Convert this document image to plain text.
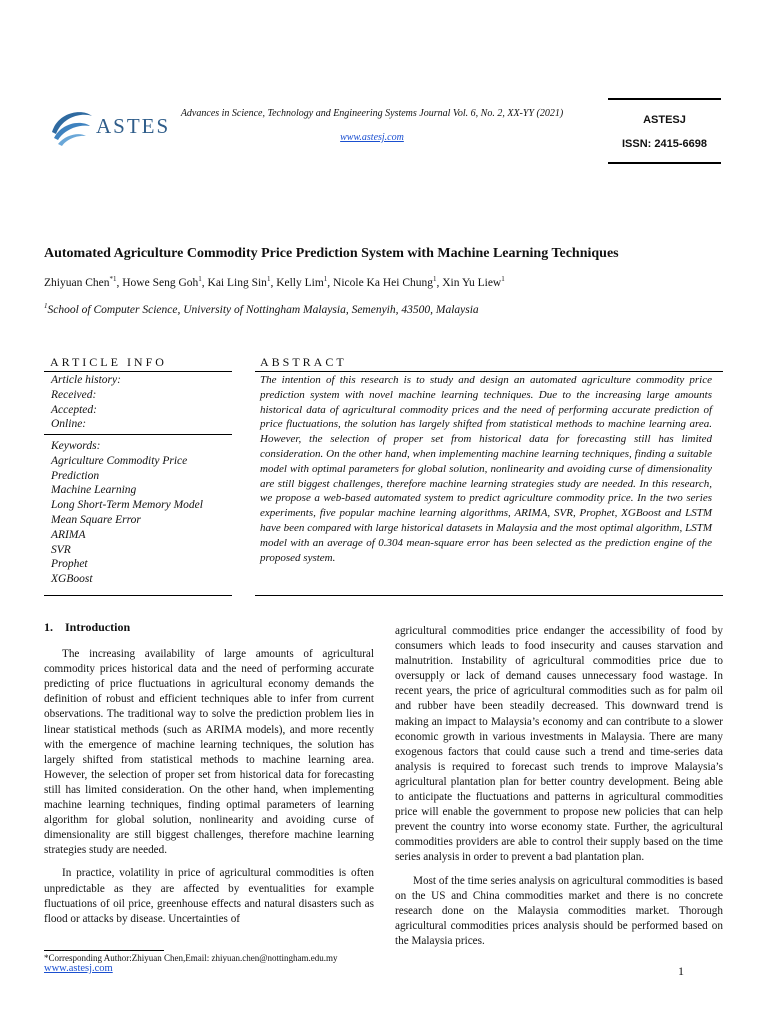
ASTES
Advances in Science, Technology and Engineering Systems Journal Vol. 6, No. 2, XX-YY (2021)
www.astesj.com
ASTESJ
ISSN: 2415-6698
Automated Agriculture Commodity Price Prediction System with Machine Learning Techniques
Zhiyuan Chen$^{*1}$, Howe Seng Goh$^1$, Kai Ling Sin$^1$, Kelly Lim$^1$, Nicole Ka Hei Chung$^1$, Xin Yu Liew$^1$
$^1$School of Computer Science, University of Nottingham Malaysia, Semenyih, 43500, Malaysia
ARTICLE INFO	ABSTRACT
Article history:
Received:
Accepted:
Online:
Keywords:
Agriculture Commodity Price
Prediction
Machine Learning
Long Short-Term Memory Model
Mean Square Error
ARIMA
SVR
Prophet
XGBoost
The intention of this research is to study and design an automated agriculture commodity price prediction system with novel machine learning techniques. Due to the increasing large amounts historical data of agricultural commodity prices and the need of performing accurate prediction of price fluctuations, the solution has largely shifted from statistical methods to machine learning area. However, the selection of proper set from historical data for forecasting still has limited consideration. On the other hand, when implementing machine learning techniques, finding a suitable model with optimal parameters for global solution, nonlinearity and avoiding curse of dimensionality are still biggest challenges, therefore machine learning strategies study are needed. In this research, we propose a web-based automated system to predict agriculture commodity price. In the two series experiments, five popular machine learning algorithms, ARIMA, SVR, Prophet, XGBoost and LSTM have been compared with large historical datasets in Malaysia and the most optimal algorithm, LSTM model with an average of 0.304 mean-square error has been selected as the prediction engine of the proposed system.

1.    Introduction

The increasing availability of large amounts of agricultural commodity prices historical data and the need of performing accurate predicting of price fluctuations in agricultural economy demands the definition of robust and efficient techniques able to infer from current observations. The traditional way to solve the prediction problem lies in linear statistical methods (such as ARIMA models), and more recently with the emergence of machine learning techniques, the solution has largely shifted from statistical methods to machine learning area. However, the selection of proper set from historical data for forecasting still has limited consideration. On the other hand, when implementing machine learning techniques, finding optimal parameters of learning algorithm for global solution, nonlinearity and avoiding curse of dimensionality are still biggest challenges, therefore machine learning strategies study are needed.

In practice, volatility in price of agricultural commodities is often unpredictable as they are affected by eventualities for example fluctuations of oil price, greenhouse effects and natural disasters such as flood or attacks by disease. Uncertainties of

agricultural commodities price endanger the accessibility of food by consumers which leads to food insecurity and causes starvation and malnutrition. Instability of agricultural commodities price due to oversupply or lack of demand causes unnecessary food wastage. In recent years, the price of agricultural commodities such as for palm oil and rubber have been steadily decreased. This downward trend is making an impact to Malaysia’s economy and can contribute to a slower economic growth in various investments in Malaysia. There are many exogenous factors that could cause such a trend and time-series data analysis is required to forecast such trends to improve Malaysia’s agricultural plantation plan for better country development. Being able to anticipate the fluctuations and patterns in agricultural commodities price will enable the government to propose new policies that can help prevent the country into worse economy state. Further, the agricultural commodities providers are able to control their supply based on the time series analysis in order to prevent a bad plantation plan.

Most of the time series analysis on agricultural commodities is based on the US and China commodities market and there is no concrete research done on the Malaysia commodities market. Thorough agricultural commodities prices analysis should be performed based on the Malaysia prices.

*Corresponding Author:Zhiyuan Chen,Email: zhiyuan.chen@nottingham.edu.my
www.astesj.com	1
